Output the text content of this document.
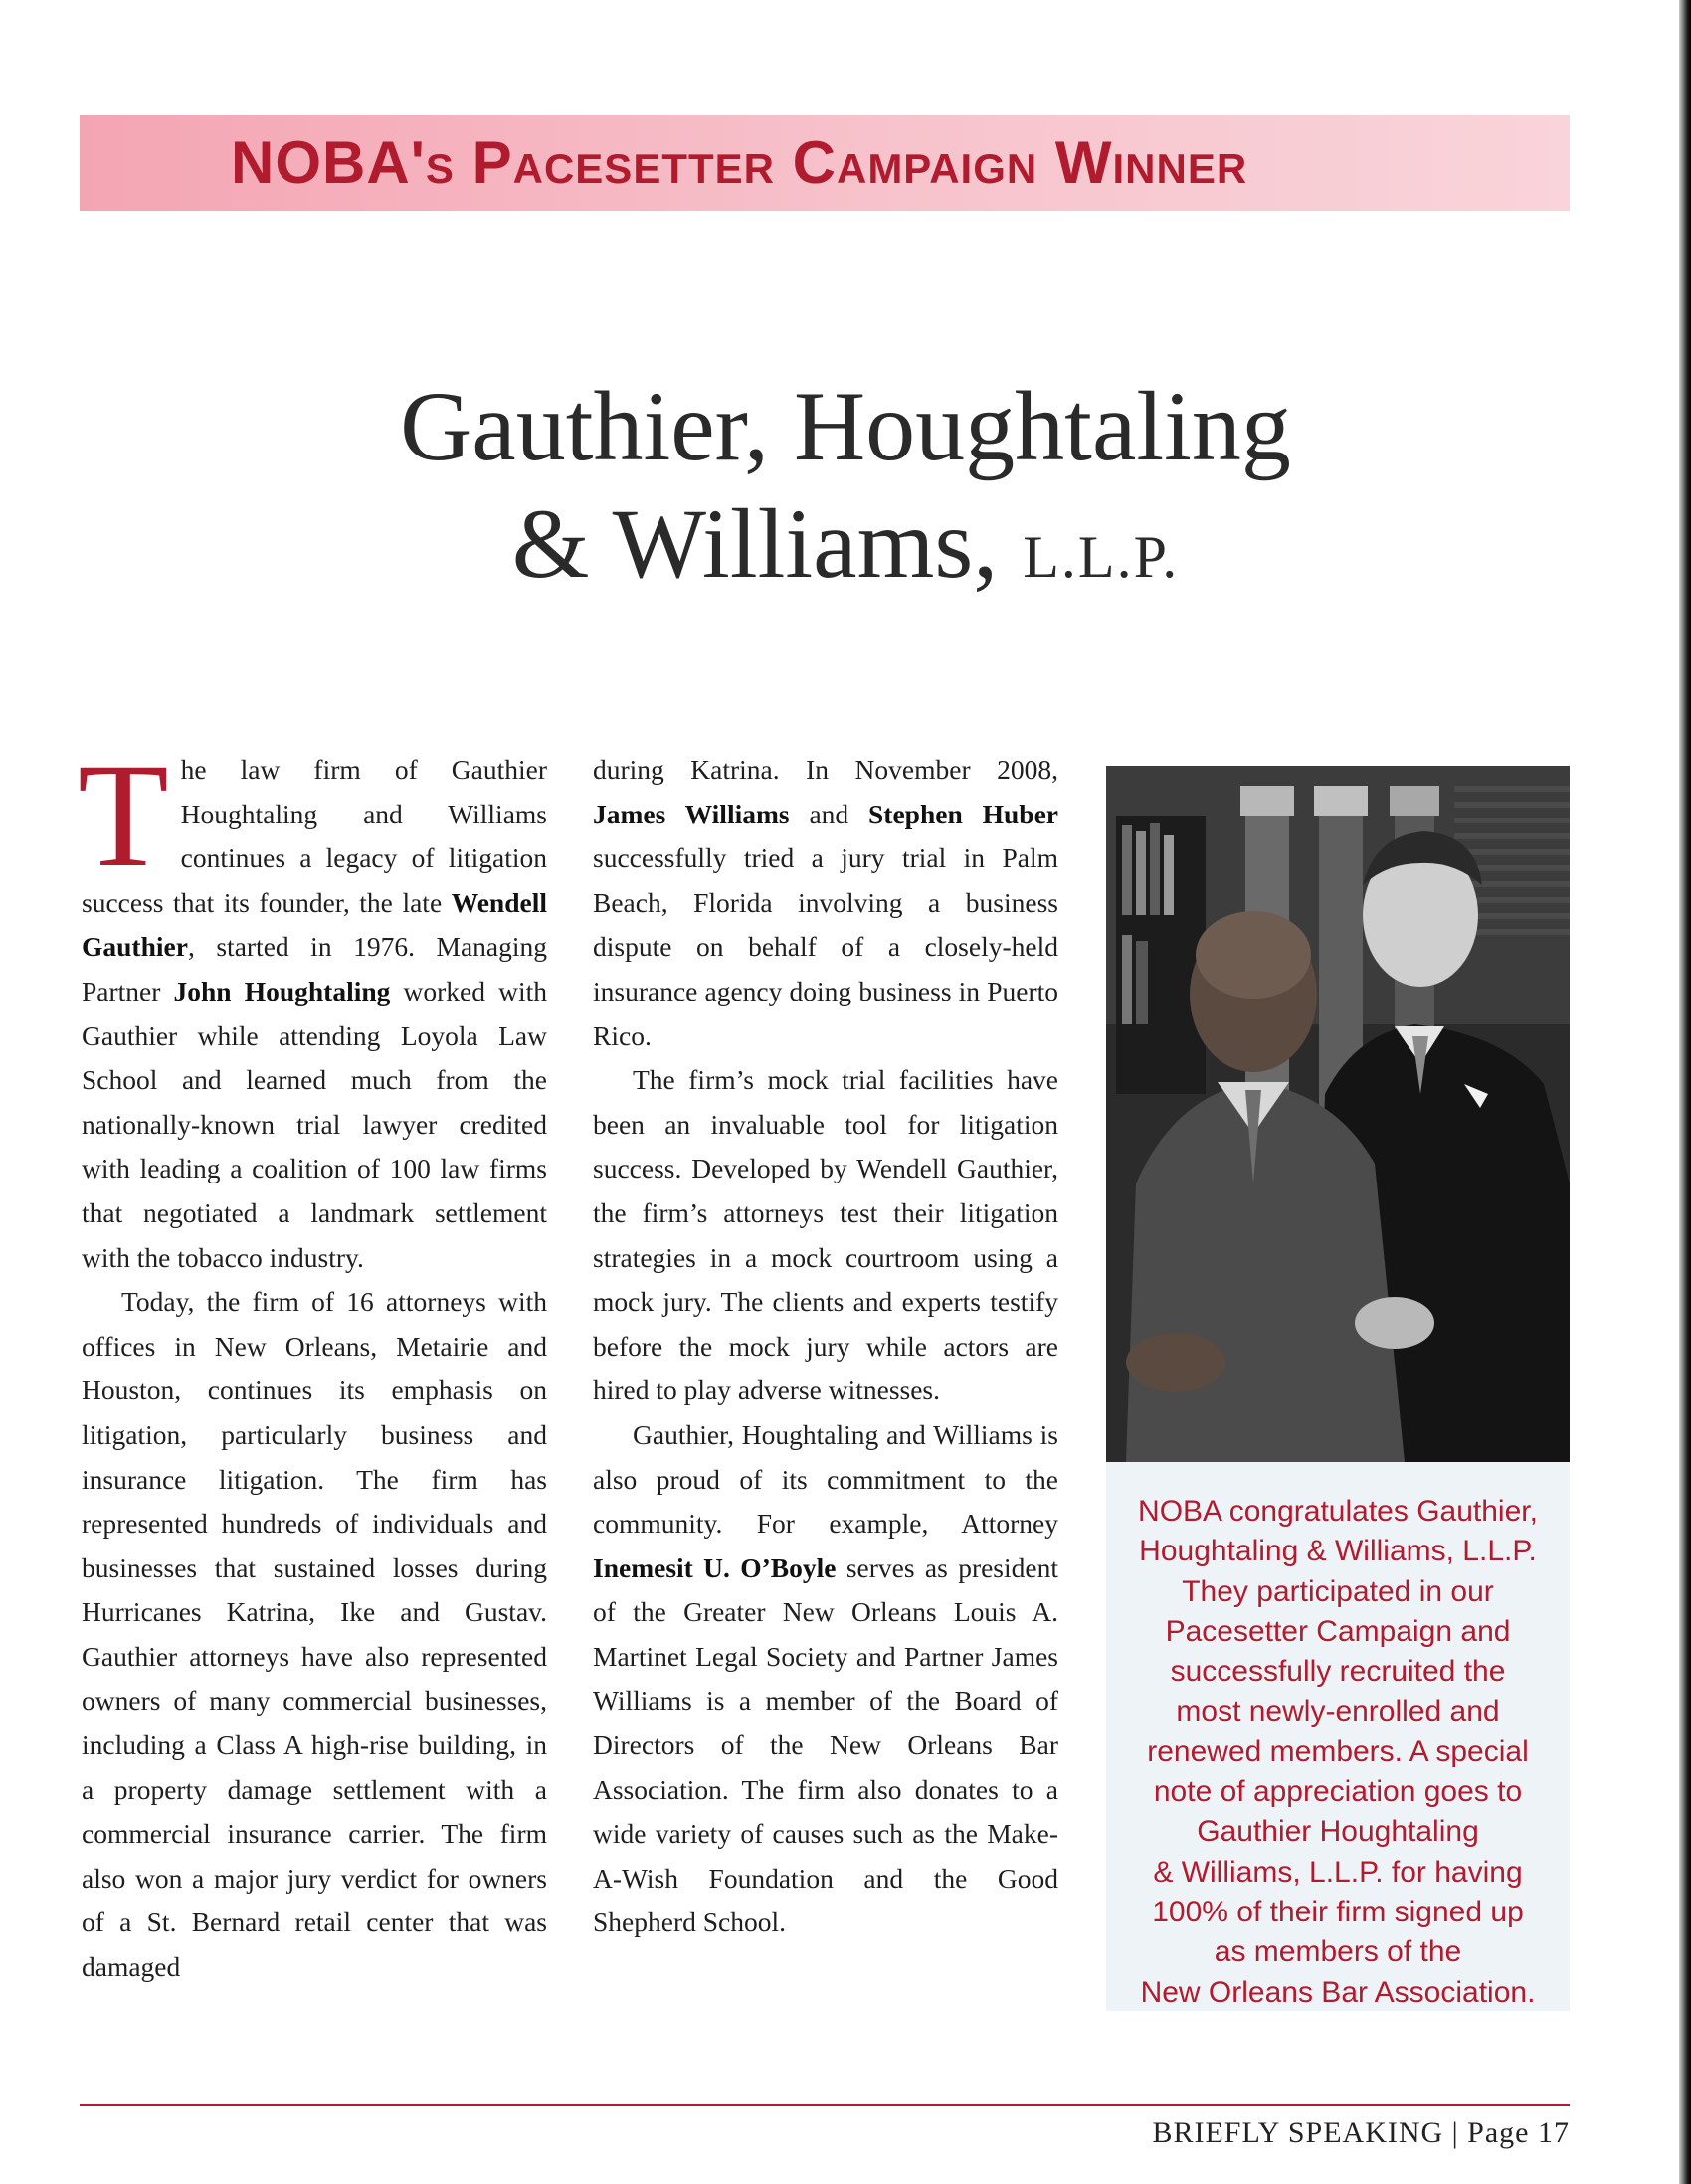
NOBA's Pacesetter Campaign Winner
Gauthier, Houghtaling
& Williams, L.L.P.

The law firm of Gauthier Houghtaling and Williams continues a legacy of litigation success that its founder, the late Wendell Gauthier, started in 1976. Managing Partner John Houghtaling worked with Gauthier while attending Loyola Law School and learned much from the nationally-known trial lawyer credited with leading a coalition of 100 law firms that negotiated a landmark settlement with the tobacco industry.

Today, the firm of 16 attorneys with offices in New Orleans, Metairie and Houston, continues its emphasis on litigation, particularly business and insurance litigation. The firm has represented hundreds of individuals and businesses that sustained losses during Hurricanes Katrina, Ike and Gustav. Gauthier attorneys have also represented owners of many commercial businesses, including a Class A high-rise building, in a property damage settlement with a commercial insurance carrier. The firm also won a major jury verdict for owners of a St. Bernard retail center that was damaged

during Katrina. In November 2008, James Williams and Stephen Huber successfully tried a jury trial in Palm Beach, Florida involving a business dispute on behalf of a closely-held insurance agency doing business in Puerto Rico.

The firm’s mock trial facilities have been an invaluable tool for litigation success. Developed by Wendell Gauthier, the firm’s attorneys test their litigation strategies in a mock courtroom using a mock jury. The clients and experts testify before the mock jury while actors are hired to play adverse witnesses.

Gauthier, Houghtaling and Williams is also proud of its commitment to the community. For example, Attorney Inemesit U. O’Boyle serves as president of the Greater New Orleans Louis A. Martinet Legal Society and Partner James Williams is a member of the Board of Directors of the New Orleans Bar Association. The firm also donates to a wide variety of causes such as the Make-A-Wish Foundation and the Good Shepherd School.

NOBA congratulates Gauthier,
Houghtaling & Williams, L.L.P.
They participated in our
Pacesetter Campaign and
successfully recruited the
most newly-enrolled and
renewed members. A special
note of appreciation goes to
Gauthier Houghtaling
& Williams, L.L.P. for having
100% of their firm signed up
as members of the
New Orleans Bar Association.
BRIEFLY SPEAKING | Page 17
